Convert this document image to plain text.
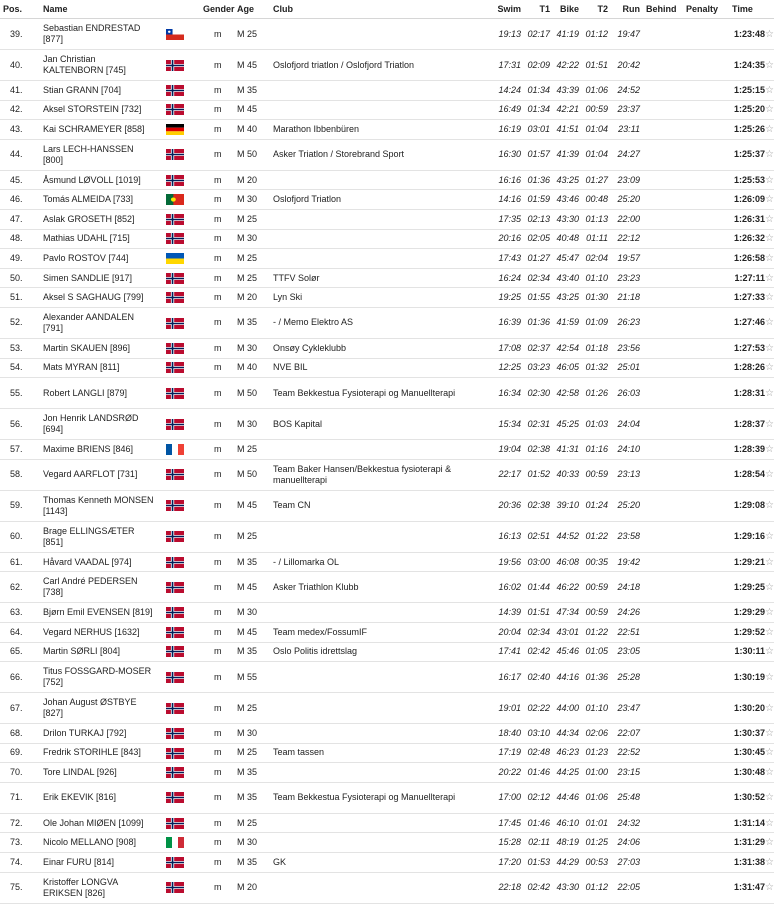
Pos.	Name		Gender	Age	Club	Swim	T1	Bike	T2	Run	Behind	Penalty	Time
39.	Sebastian ENDRESTAD [877]		m	M 25		19:13	02:17	41:19	01:12	19:47			1:23:48☆
40.	Jan Christian KALTENBORN [745]		m	M 45	Oslofjord triatlon / Oslofjord Triatlon	17:31	02:09	42:22	01:51	20:42			1:24:35☆
41.	Stian GRANN [704]		m	M 35		14:24	01:34	43:39	01:06	24:52			1:25:15☆
42.	Aksel STORSTEIN [732]		m	M 45		16:49	01:34	42:21	00:59	23:37			1:25:20☆
43.	Kai SCHRAMEYER [858]		m	M 40	Marathon Ibbenbüren	16:19	03:01	41:51	01:04	23:11			1:25:26☆
44.	Lars LECH-HANSSEN [800]		m	M 50	Asker Triatlon / Storebrand Sport	16:30	01:57	41:39	01:04	24:27			1:25:37☆
45.	Åsmund LØVOLL [1019]		m	M 20		16:16	01:36	43:25	01:27	23:09			1:25:53☆
46.	Tomás ALMEIDA [733]		m	M 30	Oslofjord Triatlon	14:16	01:59	43:46	00:48	25:20			1:26:09☆
47.	Aslak GROSETH [852]		m	M 25		17:35	02:13	43:30	01:13	22:00			1:26:31☆
48.	Mathias UDAHL [715]		m	M 30		20:16	02:05	40:48	01:11	22:12			1:26:32☆
49.	Pavlo ROSTOV [744]		m	M 25		17:43	01:27	45:47	02:04	19:57			1:26:58☆
50.	Simen SANDLIE [917]		m	M 25	TTFV Solør	16:24	02:34	43:40	01:10	23:23			1:27:11☆
51.	Aksel S SAGHAUG [799]		m	M 20	Lyn Ski	19:25	01:55	43:25	01:30	21:18			1:27:33☆
52.	Alexander AANDALEN [791]		m	M 35	- / Memo Elektro AS	16:39	01:36	41:59	01:09	26:23			1:27:46☆
53.	Martin SKAUEN [896]		m	M 30	Onsøy Cykleklubb	17:08	02:37	42:54	01:18	23:56			1:27:53☆
54.	Mats MYRAN [811]		m	M 40	NVE BIL	12:25	03:23	46:05	01:32	25:01			1:28:26☆
55.	Robert LANGLI [879]		m	M 50	Team Bekkestua Fysioterapi og Manuellterapi	16:34	02:30	42:58	01:26	26:03			1:28:31☆
56.	Jon Henrik LANDSRØD [694]		m	M 30	BOS Kapital	15:34	02:31	45:25	01:03	24:04			1:28:37☆
57.	Maxime BRIENS [846]		m	M 25		19:04	02:38	41:31	01:16	24:10			1:28:39☆
58.	Vegard AARFLOT [731]		m	M 50	Team Baker Hansen/Bekkestua fysioterapi & manuellterapi	22:17	01:52	40:33	00:59	23:13			1:28:54☆
59.	Thomas Kenneth MONSEN [1143]		m	M 45	Team CN	20:36	02:38	39:10	01:24	25:20			1:29:08☆
60.	Brage ELLINGSÆTER [851]		m	M 25		16:13	02:51	44:52	01:22	23:58			1:29:16☆
61.	Håvard VAADAL [974]		m	M 35	- / Lillomarka OL	19:56	03:00	46:08	00:35	19:42			1:29:21☆
62.	Carl André PEDERSEN [738]		m	M 45	Asker Triathlon Klubb	16:02	01:44	46:22	00:59	24:18			1:29:25☆
63.	Bjørn Emil EVENSEN [819]		m	M 30		14:39	01:51	47:34	00:59	24:26			1:29:29☆
64.	Vegard NERHUS [1632]		m	M 45	Team medex/FossumIF	20:04	02:34	43:01	01:22	22:51			1:29:52☆
65.	Martin SØRLI [804]		m	M 35	Oslo Politis idrettslag	17:41	02:42	45:46	01:05	23:05			1:30:11☆
66.	Titus FOSSGARD-MOSER [752]		m	M 55		16:17	02:40	44:16	01:36	25:28			1:30:19☆
67.	Johan August ØSTBYE [827]		m	M 25		19:01	02:22	44:00	01:10	23:47			1:30:20☆
68.	Drilon TURKAJ [792]		m	M 30		18:40	03:10	44:34	02:06	22:07			1:30:37☆
69.	Fredrik STORIHLE [843]		m	M 25	Team tassen	17:19	02:48	46:23	01:23	22:52			1:30:45☆
70.	Tore LINDAL [926]		m	M 35		20:22	01:46	44:25	01:00	23:15			1:30:48☆
71.	Erik EKEVIK [816]		m	M 35	Team Bekkestua Fysioterapi og Manuellterapi	17:00	02:12	44:46	01:06	25:48			1:30:52☆
72.	Ole Johan MIØEN [1099]		m	M 25		17:45	01:46	46:10	01:01	24:32			1:31:14☆
73.	Nicolo MELLANO [908]		m	M 30		15:28	02:11	48:19	01:25	24:06			1:31:29☆
74.	Einar FURU [814]		m	M 35	GK	17:20	01:53	44:29	00:53	27:03			1:31:38☆
75.	Kristoffer LONGVA ERIKSEN [826]		m	M 20		22:18	02:42	43:30	01:12	22:05			1:31:47☆
